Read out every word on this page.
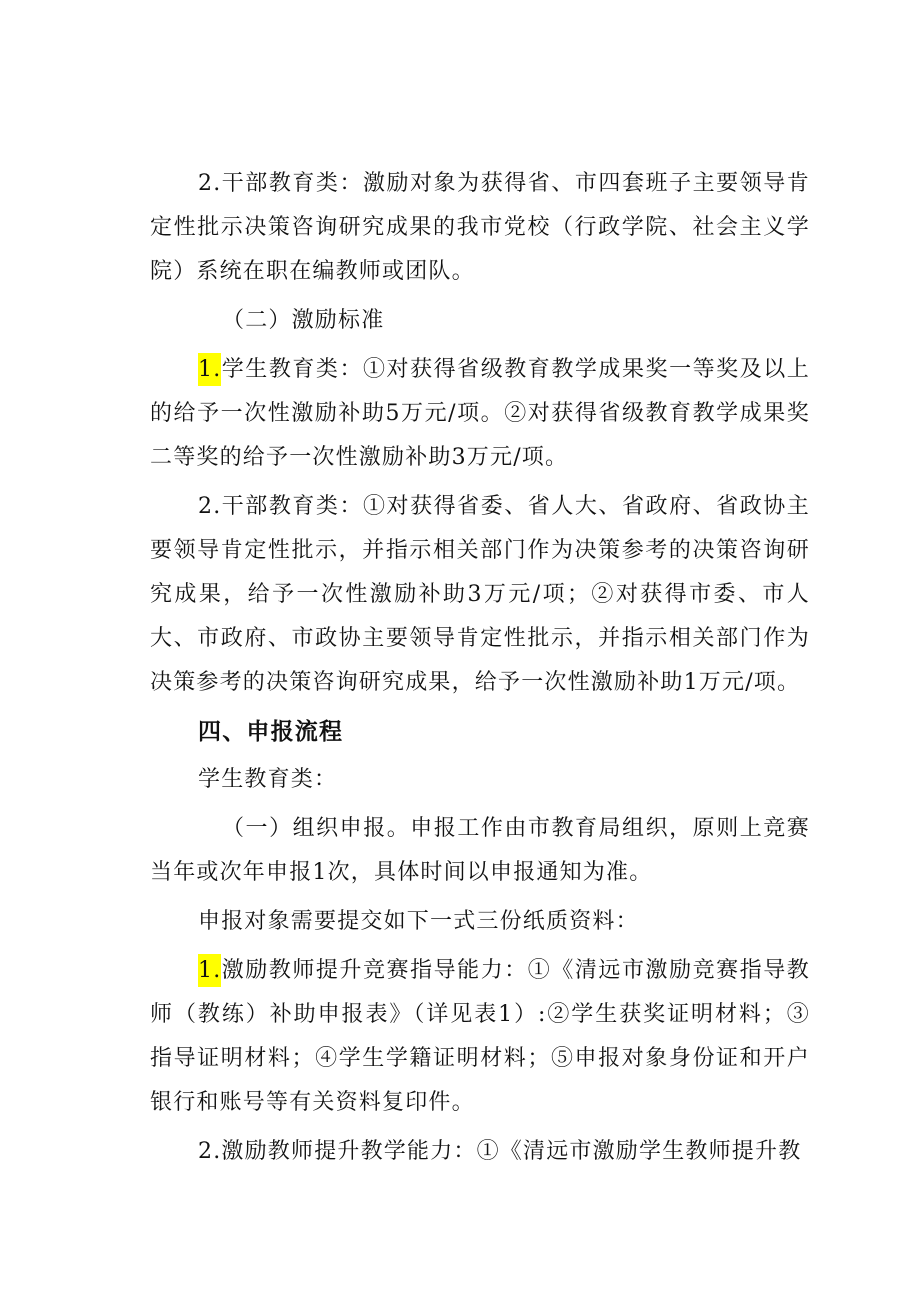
2.干部教育类：激励对象为获得省、市四套班子主要领导肯定性批示决策咨询研究成果的我市党校（行政学院、社会主义学院）系统在职在编教师或团队。

（二）激励标准

1.学生教育类：①对获得省级教育教学成果奖一等奖及以上的给予一次性激励补助5万元/项。②对获得省级教育教学成果奖二等奖的给予一次性激励补助3万元/项。

2.干部教育类：①对获得省委、省人大、省政府、省政协主要领导肯定性批示，并指示相关部门作为决策参考的决策咨询研究成果，给予一次性激励补助3万元/项；②对获得市委、市人大、市政府、市政协主要领导肯定性批示，并指示相关部门作为决策参考的决策咨询研究成果，给予一次性激励补助1万元/项。

四、申报流程

学生教育类：

（一）组织申报。申报工作由市教育局组织，原则上竞赛当年或次年申报1次，具体时间以申报通知为准。

申报对象需要提交如下一式三份纸质资料：

1.激励教师提升竞赛指导能力：①《清远市激励竞赛指导教师（教练）补助申报表》（详见表1）:②学生获奖证明材料；③指导证明材料；④学生学籍证明材料；⑤申报对象身份证和开户银行和账号等有关资料复印件。

2.激励教师提升教学能力：①《清远市激励学生教师提升教
